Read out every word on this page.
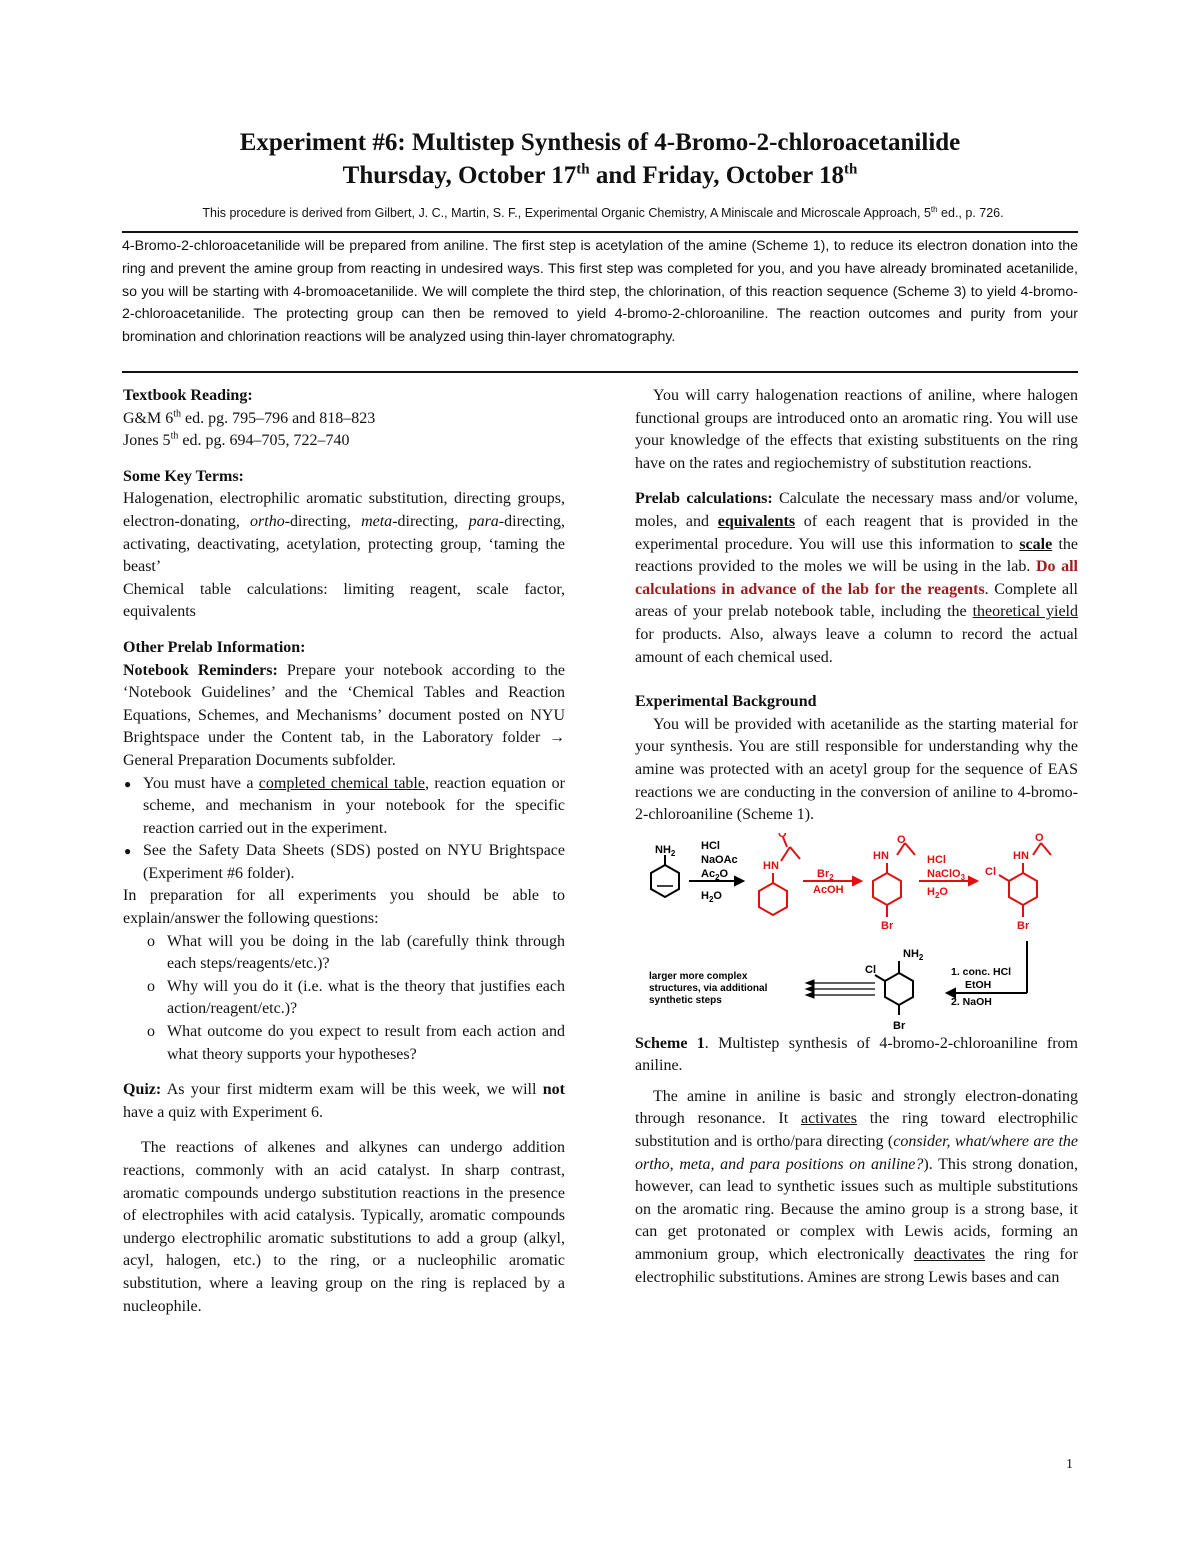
Experiment #6: Multistep Synthesis of 4-Bromo-2-chloroacetanilide
Thursday, October 17th and Friday, October 18th
This procedure is derived from Gilbert, J. C., Martin, S. F., Experimental Organic Chemistry, A Miniscale and Microscale Approach, 5th ed., p. 726.
4-Bromo-2-chloroacetanilide will be prepared from aniline. The first step is acetylation of the amine (Scheme 1), to reduce its electron donation into the ring and prevent the amine group from reacting in undesired ways. This first step was completed for you, and you have already brominated acetanilide, so you will be starting with 4-bromoacetanilide. We will complete the third step, the chlorination, of this reaction sequence (Scheme 3) to yield 4-bromo-2-chloroacetanilide. The protecting group can then be removed to yield 4-bromo-2-chloroaniline. The reaction outcomes and purity from your bromination and chlorination reactions will be analyzed using thin-layer chromatography.

Textbook Reading:

G&M 6th ed. pg. 795–796 and 818–823

Jones 5th ed. pg. 694–705, 722–740

Some Key Terms:

Halogenation, electrophilic aromatic substitution, directing groups, electron-donating, ortho-directing, meta-directing, para-directing, activating, deactivating, acetylation, protecting group, ‘taming the beast’

Chemical table calculations: limiting reagent, scale factor, equivalents

Other Prelab Information:

Notebook Reminders: Prepare your notebook according to the ‘Notebook Guidelines’ and the ‘Chemical Tables and Reaction Equations, Schemes, and Mechanisms’ document posted on NYU Brightspace under the Content tab, in the Laboratory folder → General Preparation Documents subfolder.

● You must have a completed chemical table, reaction equation or scheme, and mechanism in your notebook for the specific reaction carried out in the experiment.
● See the Safety Data Sheets (SDS) posted on NYU Brightspace (Experiment #6 folder).

In preparation for all experiments you should be able to explain/answer the following questions:

o What will you be doing in the lab (carefully think through each steps/reagents/etc.)?
o Why will you do it (i.e. what is the theory that justifies each action/reagent/etc.)?
o What outcome do you expect to result from each action and what theory supports your hypotheses?

Quiz: As your first midterm exam will be this week, we will not have a quiz with Experiment 6.

The reactions of alkenes and alkynes can undergo addition reactions, commonly with an acid catalyst. In sharp contrast, aromatic compounds undergo substitution reactions in the presence of electrophiles with acid catalysis. Typically, aromatic compounds undergo electrophilic aromatic substitutions to add a group (alkyl, acyl, halogen, etc.) to the ring, or a nucleophilic aromatic substitution, where a leaving group on the ring is replaced by a nucleophile.

You will carry halogenation reactions of aniline, where halogen functional groups are introduced onto an aromatic ring. You will use your knowledge of the effects that existing substituents on the ring have on the rates and regiochemistry of substitution reactions.

Prelab calculations: Calculate the necessary mass and/or volume, moles, and equivalents of each reagent that is provided in the experimental procedure. You will use this information to scale the reactions provided to the moles we will be using in the lab. Do all calculations in advance of the lab for the reagents. Complete all areas of your prelab notebook table, including the theoretical yield for products. Also, always leave a column to record the actual amount of each chemical used.

Experimental Background

You will be provided with acetanilide as the starting material for your synthesis. You are still responsible for understanding why the amine was protected with an acetyl group for the sequence of EAS reactions we are conducting in the conversion of aniline to 4-bromo-2-chloroaniline (Scheme 1).

$NH_2$
HCl
NaOAc
$Ac_2O$
$H_2O$
HN
O
$Br_2$
AcOH
HN
O
Br
HCl
NaClO$_3$
$H_2O$
HN
O
Cl
Br
$NH_2$
Cl
Br
1. conc. HCl
EtOH
2. NaOH
larger more complex
structures, via additional
synthetic steps

Scheme 1. Multistep synthesis of 4-bromo-2-chloroaniline from aniline.

The amine in aniline is basic and strongly electron-donating through resonance. It activates the ring toward electrophilic substitution and is ortho/para directing (consider, what/where are the ortho, meta, and para positions on aniline?). This strong donation, however, can lead to synthetic issues such as multiple substitutions on the aromatic ring. Because the amino group is a strong base, it can get protonated or complex with Lewis acids, forming an ammonium group, which electronically deactivates the ring for electrophilic substitutions. Amines are strong Lewis bases and can

1
